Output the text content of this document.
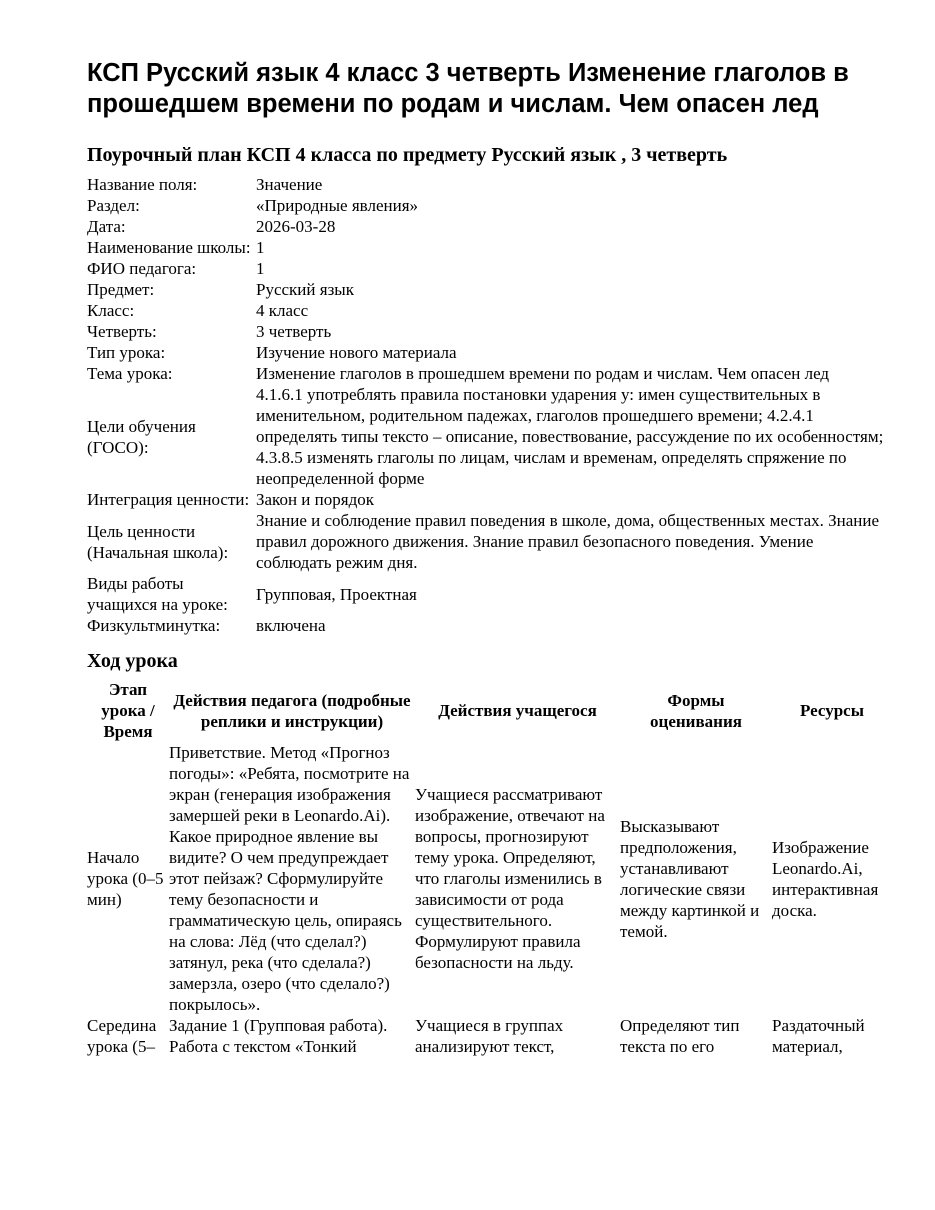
КСП Русский язык 4 класс 3 четверть Изменение глаголов в прошедшем времени по родам и числам. Чем опасен лед
Поурочный план КСП 4 класса по предмету Русский язык , 3 четверть
Название поля:	Значение
Раздел:	«Природные явления»
Дата:	2026-03-28
Наименование школы:	1
ФИО педагога:	1
Предмет:	Русский язык
Класс:	4 класс
Четверть:	3 четверть
Тип урока:	Изучение нового материала
Тема урока:	Изменение глаголов в прошедшем времени по родам и числам. Чем опасен лед
Цели обучения (ГОСО):	4.1.6.1 употреблять правила постановки ударения у: имен существительных в именительном, родительном падежах, глаголов прошедшего времени; 4.2.4.1 определять типы тексто – описание, повествование, рассуждение по их особенностям; 4.3.8.5 изменять глаголы по лицам, числам и временам, определять спряжение по неопределенной форме
Интеграция ценности:	Закон и порядок
Цель ценности (Начальная школа):	Знание и соблюдение правил поведения в школе, дома, общественных местах. Знание правил дорожного движения. Знание правил безопасного поведения. Умение соблюдать режим дня.
Виды работы учащихся на уроке:	Групповая, Проектная
Физкультминутка:	включена
Ход урока
Этап урока / Время	Действия педагога (подробные реплики и инструкции)	Действия учащегося	Формы оценивания	Ресурсы
Начало урока (0–5 мин)	Приветствие. Метод «Прогноз погоды»: «Ребята, посмотрите на экран (генерация изображения замершей реки в Leonardo.Ai). Какое природное явление вы видите? О чем предупреждает этот пейзаж? Сформулируйте тему безопасности и грамматическую цель, опираясь на слова: Лёд (что сделал?) затянул, река (что сделала?) замерзла, озеро (что сделало?) покрылось».	Учащиеся рассматривают изображение, отвечают на вопросы, прогнозируют тему урока. Определяют, что глаголы изменились в зависимости от рода существительного. Формулируют правила безопасности на льду.	Высказывают предположения, устанавливают логические связи между картинкой и темой.	Изображение Leonardo.Ai, интерактивная доска.
Середина урока (5–	Задание 1 (Групповая работа). Работа с текстом «Тонкий	Учащиеся в группах анализируют текст,	Определяют тип текста по его	Раздаточный материал,
